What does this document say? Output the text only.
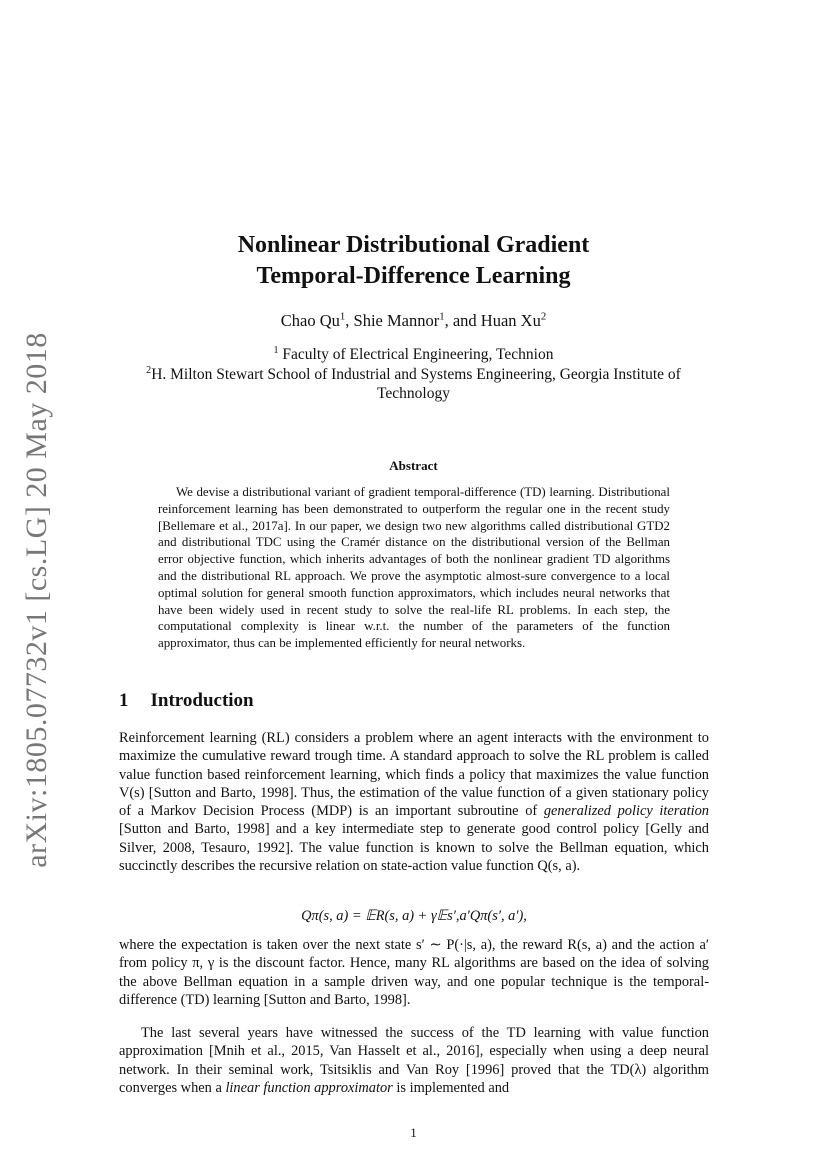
arXiv:1805.07732v1 [cs.LG] 20 May 2018
Nonlinear Distributional Gradient
Temporal-Difference Learning
Chao Qu$^1$, Shie Mannor$^1$, and Huan Xu$^2$
$^1$ Faculty of Electrical Engineering, Technion
$^2$H. Milton Stewart School of Industrial and Systems Engineering, Georgia Institute of Technology
Abstract

We devise a distributional variant of gradient temporal-difference (TD) learning. Distributional reinforcement learning has been demonstrated to outperform the regular one in the recent study [Bellemare et al., 2017a]. In our paper, we design two new algorithms called distributional GTD2 and distributional TDC using the Cramér distance on the distributional version of the Bellman error objective function, which inherits advantages of both the nonlinear gradient TD algorithms and the distributional RL approach. We prove the asymptotic almost-sure convergence to a local optimal solution for general smooth function approximators, which includes neural networks that have been widely used in recent study to solve the real-life RL problems. In each step, the computational complexity is linear w.r.t. the number of the parameters of the function approximator, thus can be implemented efficiently for neural networks.

1 Introduction

Reinforcement learning (RL) considers a problem where an agent interacts with the environment to maximize the cumulative reward trough time. A standard approach to solve the RL problem is called value function based reinforcement learning, which finds a policy that maximizes the value function V(s) [Sutton and Barto, 1998]. Thus, the estimation of the value function of a given stationary policy of a Markov Decision Process (MDP) is an important subroutine of generalized policy iteration [Sutton and Barto, 1998] and a key intermediate step to generate good control policy [Gelly and Silver, 2008, Tesauro, 1992]. The value function is known to solve the Bellman equation, which succinctly describes the recursive relation on state-action value function Q(s, a).

Qπ(s, a) = 𝔼R(s, a) + γ𝔼s′,a′Qπ(s′, a′),

where the expectation is taken over the next state s′ ∼ P(·|s, a), the reward R(s, a) and the action a′ from policy π, γ is the discount factor. Hence, many RL algorithms are based on the idea of solving the above Bellman equation in a sample driven way, and one popular technique is the temporal-difference (TD) learning [Sutton and Barto, 1998].

The last several years have witnessed the success of the TD learning with value function approximation [Mnih et al., 2015, Van Hasselt et al., 2016], especially when using a deep neural network. In their seminal work, Tsitsiklis and Van Roy [1996] proved that the TD(λ) algorithm converges when a linear function approximator is implemented and

1
